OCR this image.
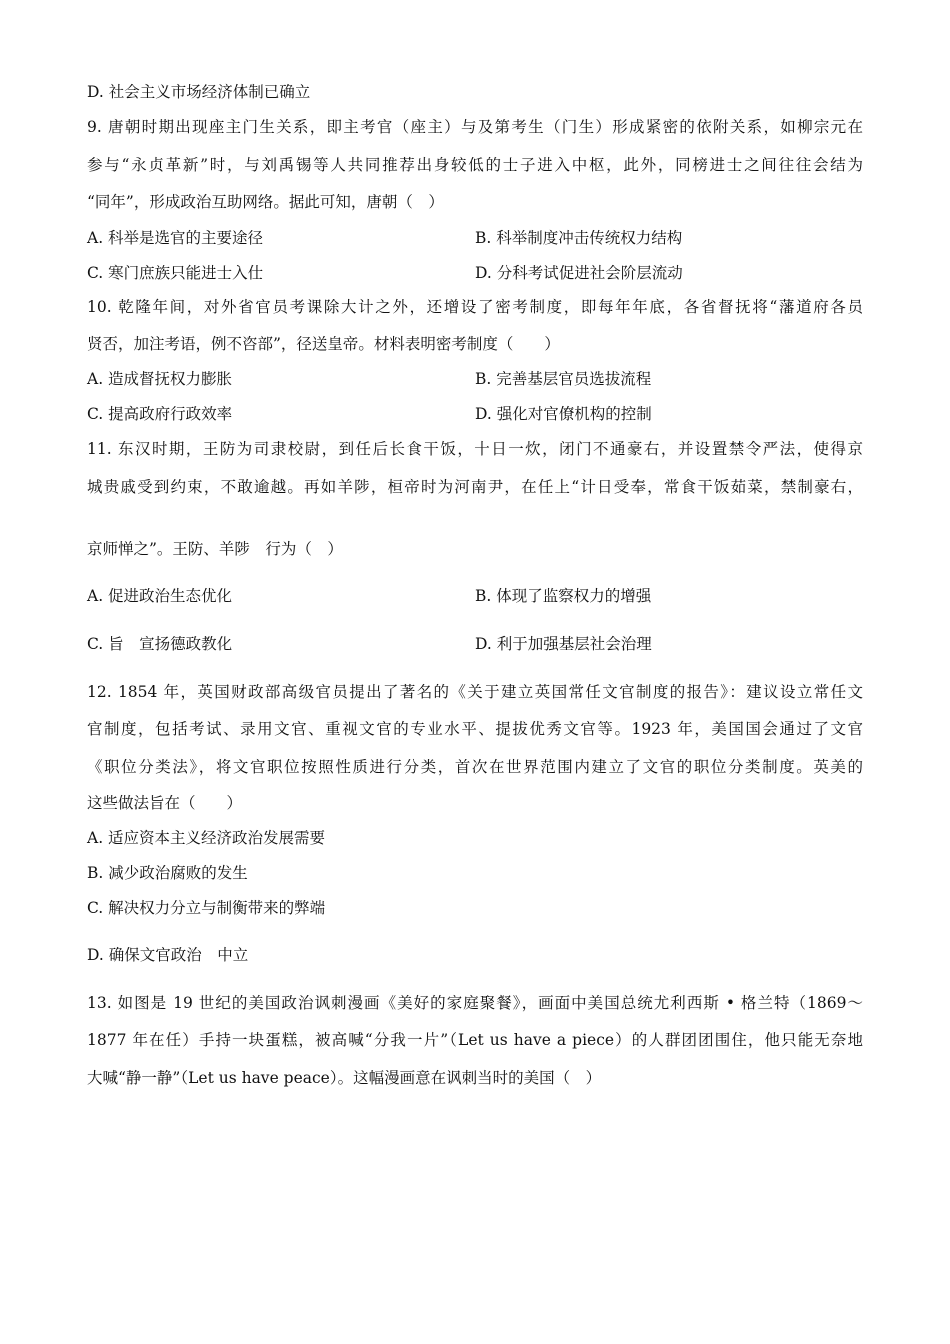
D. 社会主义市场经济体制已确立
9. 唐朝时期出现座主门生关系，即主考官（座主）与及第考生（门生）形成紧密的依附关系，如柳宗元在
参与“永贞革新”时，与刘禹锡等人共同推荐出身较低的士子进入中枢，此外，同榜进士之间往往会结为
“同年”，形成政治互助网络。据此可知，唐朝（　）
A. 科举是选官的主要途径	B. 科举制度冲击传统权力结构
C. 寒门庶族只能进士入仕	D. 分科考试促进社会阶层流动
10. 乾隆年间，对外省官员考课除大计之外，还增设了密考制度，即每年年底，各省督抚将“藩道府各员
贤否，加注考语，例不咨部”，径送皇帝。材料表明密考制度（　　）
A. 造成督抚权力膨胀	B. 完善基层官员选拔流程
C. 提高政府行政效率	D. 强化对官僚机构的控制
11. 东汉时期，王防为司隶校尉，到任后长食干饭，十日一炊，闭门不通豪右，并设置禁令严法，使得京
城贵戚受到约束，不敢逾越。再如羊陟，桓帝时为河南尹，在任上“计日受奉，常食干饭茹菜，禁制豪右，
京师惮之”。王防、羊陟　行为（　）
A. 促进政治生态优化	B. 体现了监察权力的增强
C. 旨　宣扬德政教化	D. 利于加强基层社会治理
12. 1854 年，英国财政部高级官员提出了著名的《关于建立英国常任文官制度的报告》：建议设立常任文
官制度，包括考试、录用文官、重视文官的专业水平、提拔优秀文官等。1923 年，美国国会通过了文官
《职位分类法》，将文官职位按照性质进行分类，首次在世界范围内建立了文官的职位分类制度。英美的
这些做法旨在（　　）
A. 适应资本主义经济政治发展需要
B. 减少政治腐败的发生
C. 解决权力分立与制衡带来的弊端
D. 确保文官政治　中立
13. 如图是 19 世纪的美国政治讽刺漫画《美好的家庭聚餐》，画面中美国总统尤利西斯 • 格兰特（1869～
1877 年在任）手持一块蛋糕，被高喊“分我一片”（Let us have a piece）的人群团团围住，他只能无奈地
大喊“静一静”（Let us have peace）。这幅漫画意在讽刺当时的美国（　）
